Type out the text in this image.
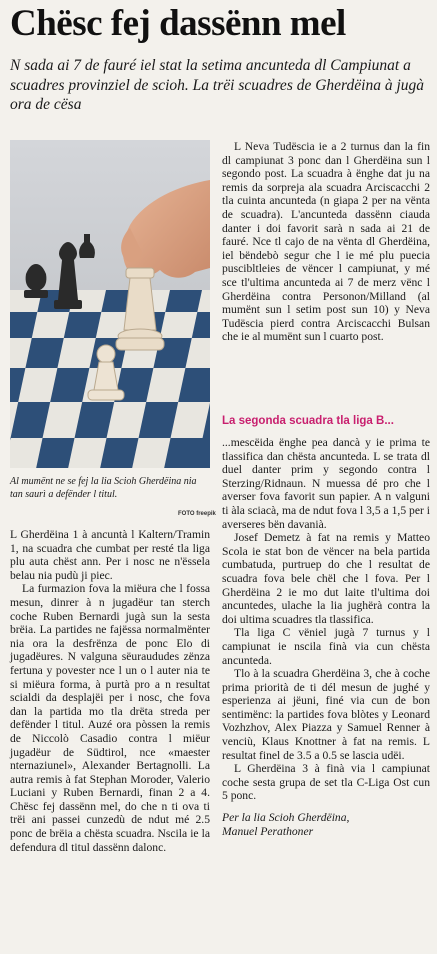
Chësc fej dassënn mel
N sada ai 7 de fauré iel stat la setima ancunteda dl Campiunat a scuadres provinziel de scioh. La trëi scuadres de Gherdëina à jugà ora de cësa
Al mumënt ne se fej la lia Scioh Gherdëina nia tan saurì a defënder l titul.
FOTO freepik

L Gherdëina 1 à ancuntà l Kaltern/Tramin 1, na scuadra che cumbat per resté tla liga plu auta chëst ann. Per i nosc ne n'ëssela belau nia pudù ji piec.

La furmazion fova la miëura che l fossa mesun, dinrer à n jugadëur tan sterch coche Ruben Bernardi jugà sun la sesta brëia. La partides ne fajëssa normalmënter nia ora la desfrënza de ponc Elo di jugadëures. N valguna sëuraududes zënza fertuna y povester nce l un o l auter nia te si miëura forma, à purtà pro a n resultat scialdi da desplajëi per i nosc, che fova dan la partida mo tla drëta streda per defënder l titul. Auzé ora pòssen la remis de Niccolò Casadio contra l miëur jugadëur de Südtirol, nce «maester nternaziunel», Alexander Bertagnolli. La autra remis à fat Stephan Moroder, Valerio Luciani y Ruben Bernardi, finan 2 a 4. Chësc fej dassënn mel, do che n ti ova ti trëi ani passei cunzedù de ndut mé 2.5 ponc de brëia a chësta scuadra. Nscila ie la defendura dl titul dassënn dalonc.

L Neva Tudëscia ie a 2 turnus dan la fin dl campiunat 3 ponc dan l Gherdëina sun l segondo post. La scuadra à ënghe dat ju na remis da sorpreja ala scuadra Arciscacchi 2 tla cuinta ancunteda (n giapa 2 per na vënta de scuadra). L'ancunteda dassënn ciauda danter i doi favorit sarà n sada ai 21 de fauré. Nce tl cajo de na vënta dl Gherdëina, iel bëndebò segur che l ie mé plu puecia puscibltleies de vëncer l campiunat, y mé sce tl'ultima ancunteda ai 7 de merz vënc l Gherdëina contra Personon/Milland (al mumënt sun l setim post sun 10) y Neva Tudëscia pierd contra Arciscacchi Bulsan che ie al mumënt sun l cuarto post.

La segonda scuadra tla liga B...

...mescëida ënghe pea dancà y ie prima te tlassifica dan chësta ancunteda. L se trata dl duel danter prim y segondo contra l Sterzing/Ridnaun. N muessa dé pro che l averser fova favorit sun papier. A n valguni ti àla sciacà, ma de ndut fova l 3,5 a 1,5 per i averseres bën davanià.

Josef Demetz à fat na remis y Matteo Scola ie stat bon de vëncer na bela partida cumbatuda, purtruep do che l resultat de scuadra fova bele chël che l fova. Per l Gherdëina 2 ie mo dut laite tl'ultima doi ancuntedes, ulache la lia jughërà contra la doi ultima scuadres tla tlassifica.

Tla liga C vëniel jugà 7 turnus y l campiunat ie nscila finà via cun chësta ancunteda.

Tlo à la scuadra Gherdëina 3, che à coche prima priorità de ti dél mesun de jughé y esperienza ai jëuni, finé via cun de bon sentimënc: la partides fova blòtes y Leonard Vozhzhov, Alex Piazza y Samuel Renner à venciù, Klaus Knottner à fat na remis. L resultat finel de 3.5 a 0.5 se lascia udëi.

L Gherdëina 3 à finà via l campiunat coche sesta grupa de set tla C-Liga Ost cun 5 ponc.

Per la lia Scioh Gherdëina,

Manuel Perathoner
